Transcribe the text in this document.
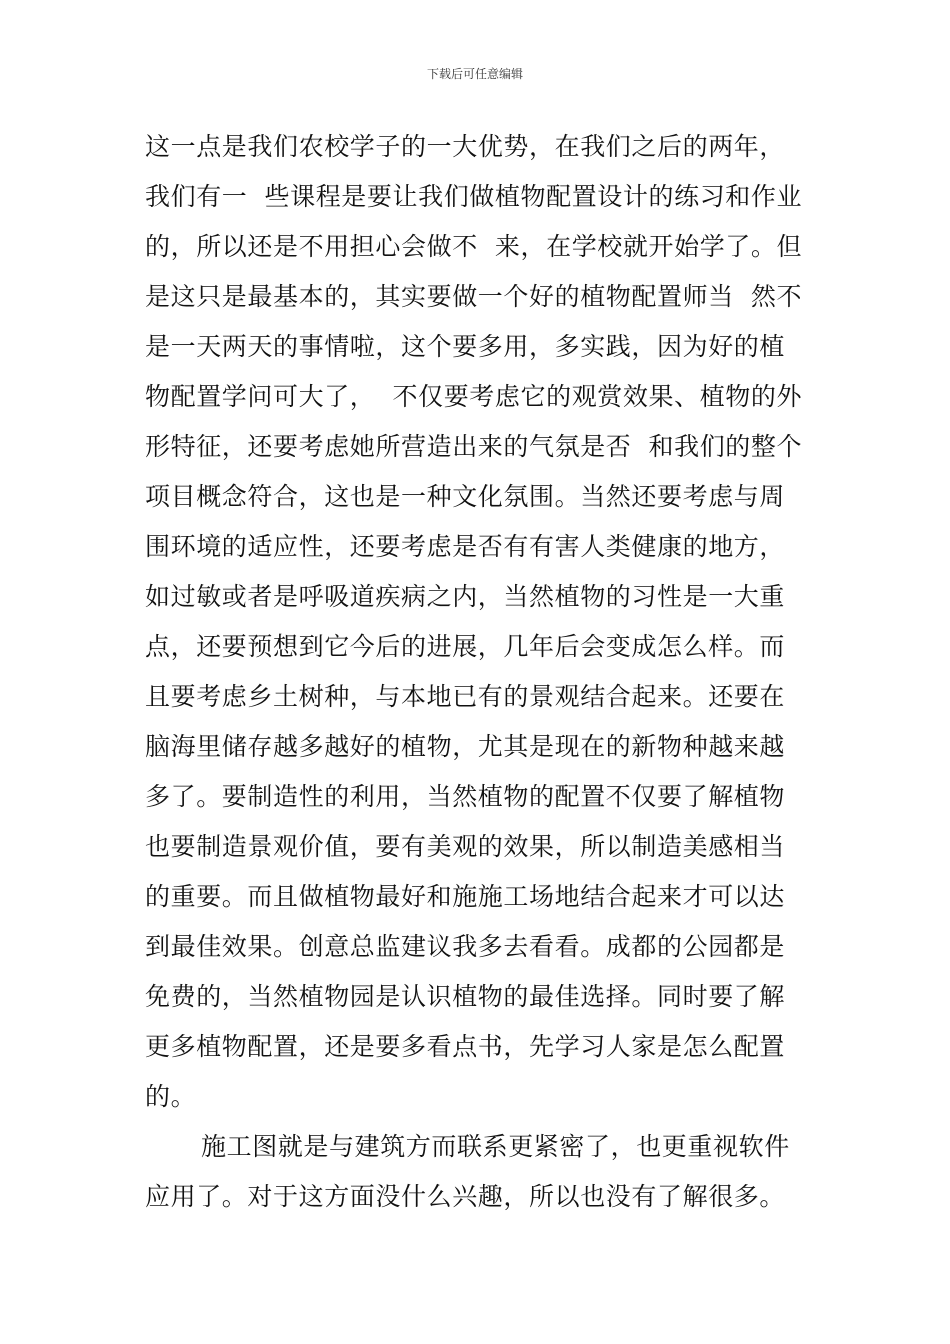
下载后可任意编辑
这一点是我们农校学子的一大优势，在我们之后的两年，
我们有一  些课程是要让我们做植物配置设计的练习和作业
的，所以还是不用担心会做不  来，在学校就开始学了。但
是这只是最基本的，其实要做一个好的植物配置师当  然不
是一天两天的事情啦，这个要多用，多实践，因为好的植
物配置学问可大了，  不仅要考虑它的观赏效果、植物的外
形特征，还要考虑她所营造出来的气氛是否  和我们的整个
项目概念符合，这也是一种文化氛围。当然还要考虑与周
围环境的适应性，还要考虑是否有有害人类健康的地方，
如过敏或者是呼吸道疾病之内，当然植物的习性是一大重
点，还要预想到它今后的进展，几年后会变成怎么样。而
且要考虑乡土树种，与本地已有的景观结合起来。还要在
脑海里储存越多越好的植物，尤其是现在的新物种越来越
多了。要制造性的利用，当然植物的配置不仅要了解植物
也要制造景观价值，要有美观的效果，所以制造美感相当
的重要。而且做植物最好和施施工场地结合起来才可以达
到最佳效果。创意总监建议我多去看看。成都的公园都是
免费的，当然植物园是认识植物的最佳选择。同时要了解
更多植物配置，还是要多看点书，先学习人家是怎么配置
的。
施工图就是与建筑方而联系更紧密了，也更重视软件
应用了。对于这方面没什么兴趣，所以也没有了解很多。
